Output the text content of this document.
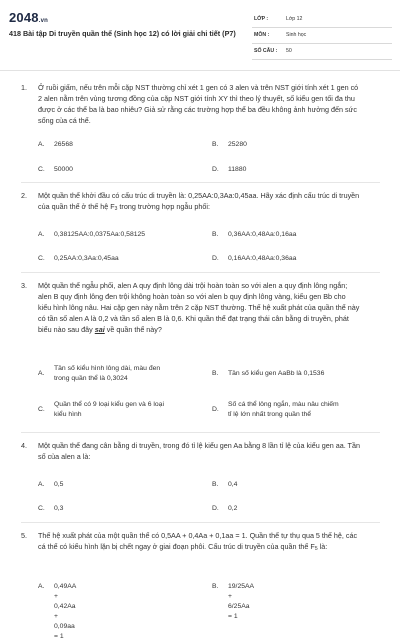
2048.vn
418 Bài tập Di truyền quần thể (Sinh học 12) có lời giải chi tiết (P7)
LỚP :	Lớp 12
MÔN :	Sinh học
SỐ CÂU : 50
1. Ở ruồi giấm, nếu trên mỗi cặp NST thường chỉ xét 1 gen có 3 alen và trên NST giới tính xét 1 gen có 2 alen nằm trên vùng tương đồng của cặp NST giới tính XY thì theo lý thuyết, số kiểu gen tối đa thu được ở các thể ba là bao nhiêu? Giả sử rằng các trường hợp thể ba đều không ảnh hưởng đến sức sống của cá thể.
A. 26568	B. 25280
C. 50000	D. 11880
2. Một quần thể khởi đầu có cấu trúc di truyền là: 0,25AA:0,3Aa:0,45aa. Hãy xác định cấu trúc di truyền của quần thể ở thế hệ $F_3$ trong trường hợp ngẫu phối:
A. 0,38125AA:0,0375Aa:0,58125	B. 0,36AA:0,48Aa:0,16aa
C. 0,25AA:0,3Aa:0,45aa	D. 0,16AA:0,48Aa:0,36aa
3. Một quần thể ngẫu phối, alen A quy định lông dài trội hoàn toàn so với alen a quy định lông ngắn; alen B quy định lông đen trội không hoàn toàn so với alen b quy định lông vàng, kiểu gen Bb cho kiểu hình lông nâu. Hai cặp gen này nằm trên 2 cặp NST thường. Thế hệ xuất phát của quần thể này có tần số alen A là 0,2 và tần số alen B là 0,6. Khi quần thể đạt trạng thái cân bằng di truyền, phát biểu nào sau đây sai về quần thể này?
A.
Tần số kiểu hình lông dài, màu đen
trong quần thể là 0,3024
B. Tần số kiểu gen AaBb là 0,1536
C.
Quần thể có 9 loại kiểu gen và 6 loại
kiểu hình
D.
Số cá thể lông ngắn, màu nâu chiếm
tỉ lệ lớn nhất trong quần thể
4. Một quần thể đang cân bằng di truyền, trong đó tỉ lệ kiểu gen Aa bằng 8 lần tỉ lệ của kiểu gen aa. Tần số của alen a là:
A. 0,5	B. 0,4
C. 0,3	D. 0,2
5. Thế hệ xuất phát của một quần thể có 0,5AA + 0,4Aa + 0,1aa = 1. Quần thể tự thụ qua 5 thế hệ, các cá thể có kiểu hình lặn bị chết ngay ở giai đoạn phôi. Cấu trúc di truyền của quần thể $F_5$ là:
A. 0,49AA + 0,42Aa + 0,09aa = 1
B. 19/25AA + 6/25Aa = 1
